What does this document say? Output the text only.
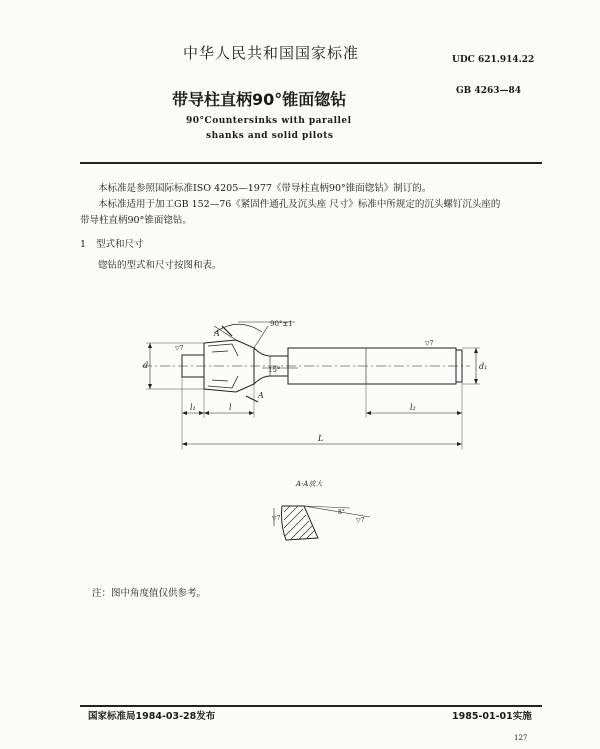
中华人民共和国国家标准	UDC 621.914.22
GB 4263—84
带导柱直柄90°锥面锪钻
90°Countersinks with parallel
shanks and solid pilots
本标准是参照国际标准ISO 4205—1977《带导柱直柄90°锥面锪钻》制订的。
本标准适用于加工GB 152—76《紧固件通孔及沉头座 尺寸》标准中所规定的沉头螺钉沉头座的
带导柱直柄90°锥面锪钻。
1 型式和尺寸
锪钻的型式和尺寸按图和表。
90°±1
15°
A
A
d	d₁
l₁	l	l₂
L
▽7
▽7
A-A放大
8°
▽7
▽7
注：图中角度值仅供参考。
国家标准局1984-03-28发布	1985-01-01实施
127
